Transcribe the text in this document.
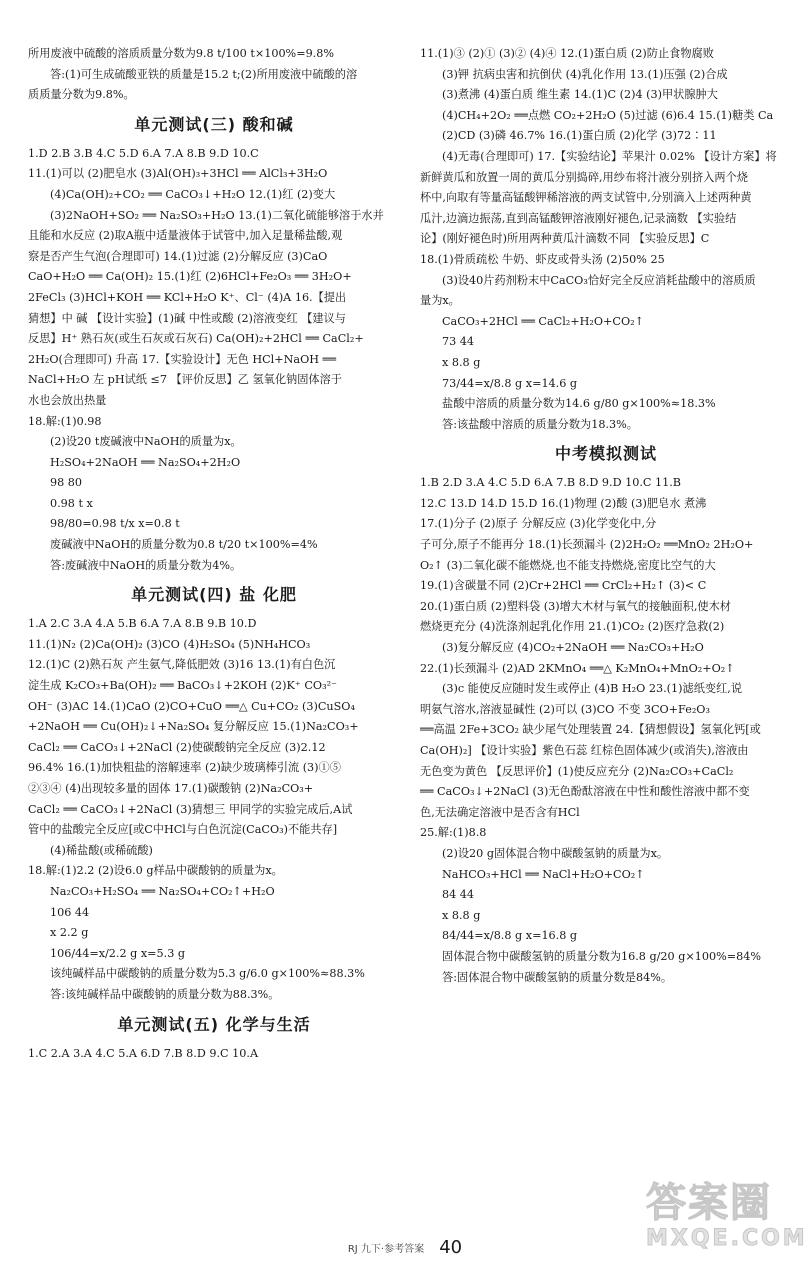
所用废液中硫酸的溶质质量分数为9.8 t/100 t×100%=9.8%

答:(1)可生成硫酸亚铁的质量是15.2 t;(2)所用废液中硫酸的溶

质质量分数为9.8%。

单元测试(三) 酸和碱

1.D 2.B 3.B 4.C 5.D 6.A 7.A 8.B 9.D 10.C

11.(1)可以 (2)肥皂水 (3)Al(OH)₃+3HCl ══ AlCl₃+3H₂O

(4)Ca(OH)₂+CO₂ ══ CaCO₃↓+H₂O 12.(1)红 (2)变大

(3)2NaOH+SO₂ ══ Na₂SO₃+H₂O 13.(1)二氧化硫能够溶于水并

且能和水反应 (2)取A瓶中适量液体于试管中,加入足量稀盐酸,观

察是否产生气泡(合理即可) 14.(1)过滤 (2)分解反应 (3)CaO

CaO+H₂O ══ Ca(OH)₂ 15.(1)红 (2)6HCl+Fe₂O₃ ══ 3H₂O+

2FeCl₃ (3)HCl+KOH ══ KCl+H₂O K⁺、Cl⁻ (4)A 16.【提出

猜想】中 碱 【设计实验】(1)碱 中性或酸 (2)溶液变红 【建议与

反思】H⁺ 熟石灰(或生石灰或石灰石) Ca(OH)₂+2HCl ══ CaCl₂+

2H₂O(合理即可) 升高 17.【实验设计】无色 HCl+NaOH ══

NaCl+H₂O 左 pH试纸 ≤7 【评价反思】乙 氢氧化钠固体溶于

水也会放出热量

18.解:(1)0.98

(2)设20 t废碱液中NaOH的质量为x。

H₂SO₄+2NaOH ══ Na₂SO₄+2H₂O

98 80

0.98 t x

98/80=0.98 t/x x=0.8 t

废碱液中NaOH的质量分数为0.8 t/20 t×100%=4%

答:废碱液中NaOH的质量分数为4%。

单元测试(四) 盐 化肥

1.A 2.C 3.A 4.A 5.B 6.A 7.A 8.B 9.B 10.D

11.(1)N₂ (2)Ca(OH)₂ (3)CO (4)H₂SO₄ (5)NH₄HCO₃

12.(1)C (2)熟石灰 产生氨气,降低肥效 (3)16 13.(1)有白色沉

淀生成 K₂CO₃+Ba(OH)₂ ══ BaCO₃↓+2KOH (2)K⁺ CO₃²⁻

OH⁻ (3)AC 14.(1)CaO (2)CO+CuO ══△ Cu+CO₂ (3)CuSO₄

+2NaOH ══ Cu(OH)₂↓+Na₂SO₄ 复分解反应 15.(1)Na₂CO₃+

CaCl₂ ══ CaCO₃↓+2NaCl (2)使碳酸钠完全反应 (3)2.12

96.4% 16.(1)加快粗盐的溶解速率 (2)缺少玻璃棒引流 (3)①⑤

②③④ (4)出现较多量的固体 17.(1)碳酸钠 (2)Na₂CO₃+

CaCl₂ ══ CaCO₃↓+2NaCl (3)猜想三 甲同学的实验完成后,A试

管中的盐酸完全反应[或C中HCl与白色沉淀(CaCO₃)不能共存]

(4)稀盐酸(或稀硫酸)

18.解:(1)2.2 (2)设6.0 g样品中碳酸钠的质量为x。

Na₂CO₃+H₂SO₄ ══ Na₂SO₄+CO₂↑+H₂O

106 44

x 2.2 g

106/44=x/2.2 g x=5.3 g

该纯碱样品中碳酸钠的质量分数为5.3 g/6.0 g×100%≈88.3%

答:该纯碱样品中碳酸钠的质量分数为88.3%。

单元测试(五) 化学与生活

1.C 2.A 3.A 4.C 5.A 6.D 7.B 8.D 9.C 10.A

11.(1)③ (2)① (3)② (4)④ 12.(1)蛋白质 (2)防止食物腐败

(3)钾 抗病虫害和抗倒伏 (4)乳化作用 13.(1)压强 (2)合成

(3)煮沸 (4)蛋白质 维生素 14.(1)C (2)4 (3)甲状腺肿大

(4)CH₄+2O₂ ══点燃 CO₂+2H₂O (5)过滤 (6)6.4 15.(1)糖类 Ca

(2)CD (3)磷 46.7% 16.(1)蛋白质 (2)化学 (3)72∶11

(4)无毒(合理即可) 17.【实验结论】苹果汁 0.02% 【设计方案】将

新鲜黄瓜和放置一周的黄瓜分别捣碎,用纱布将汁液分别挤入两个烧

杯中,向取有等量高锰酸钾稀溶液的两支试管中,分别滴入上述两种黄

瓜汁,边滴边振荡,直到高锰酸钾溶液刚好褪色,记录滴数 【实验结

论】(刚好褪色时)所用两种黄瓜汁滴数不同 【实验反思】C

18.(1)骨质疏松 牛奶、虾皮或骨头汤 (2)50% 25

(3)设40片药剂粉末中CaCO₃恰好完全反应消耗盐酸中的溶质质

量为x。

CaCO₃+2HCl ══ CaCl₂+H₂O+CO₂↑

73 44

x 8.8 g

73/44=x/8.8 g x=14.6 g

盐酸中溶质的质量分数为14.6 g/80 g×100%≈18.3%

答:该盐酸中溶质的质量分数为18.3%。

中考模拟测试

1.B 2.D 3.A 4.C 5.D 6.A 7.B 8.D 9.D 10.C 11.B

12.C 13.D 14.D 15.D 16.(1)物理 (2)酸 (3)肥皂水 煮沸

17.(1)分子 (2)原子 分解反应 (3)化学变化中,分

子可分,原子不能再分 18.(1)长颈漏斗 (2)2H₂O₂ ══MnO₂ 2H₂O+

O₂↑ (3)二氧化碳不能燃烧,也不能支持燃烧,密度比空气的大

19.(1)含碳量不同 (2)Cr+2HCl ══ CrCl₂+H₂↑ (3)< C

20.(1)蛋白质 (2)塑料袋 (3)增大木材与氧气的接触面积,使木材

燃烧更充分 (4)洗涤剂起乳化作用 21.(1)CO₂ (2)医疗急救(2)

(3)复分解反应 (4)CO₂+2NaOH ══ Na₂CO₃+H₂O

22.(1)长颈漏斗 (2)AD 2KMnO₄ ══△ K₂MnO₄+MnO₂+O₂↑

(3)c 能使反应随时发生或停止 (4)B H₂O 23.(1)滤纸变红,说

明氨气溶水,溶液显碱性 (2)可以 (3)CO 不变 3CO+Fe₂O₃

══高温 2Fe+3CO₂ 缺少尾气处理装置 24.【猜想假设】氢氧化钙[或

Ca(OH)₂] 【设计实验】紫色石蕊 红棕色固体减少(或消失),溶液由

无色变为黄色 【反思评价】(1)使反应充分 (2)Na₂CO₃+CaCl₂

══ CaCO₃↓+2NaCl (3)无色酚酞溶液在中性和酸性溶液中都不变

色,无法确定溶液中是否含有HCl

25.解:(1)8.8

(2)设20 g固体混合物中碳酸氢钠的质量为x。

NaHCO₃+HCl ══ NaCl+H₂O+CO₂↑

84 44

x 8.8 g

84/44=x/8.8 g x=16.8 g

固体混合物中碳酸氢钠的质量分数为16.8 g/20 g×100%=84%

答:固体混合物中碳酸氢钠的质量分数是84%。

RJ 九下·参考答案 40
答案圈
MXQE.COM
